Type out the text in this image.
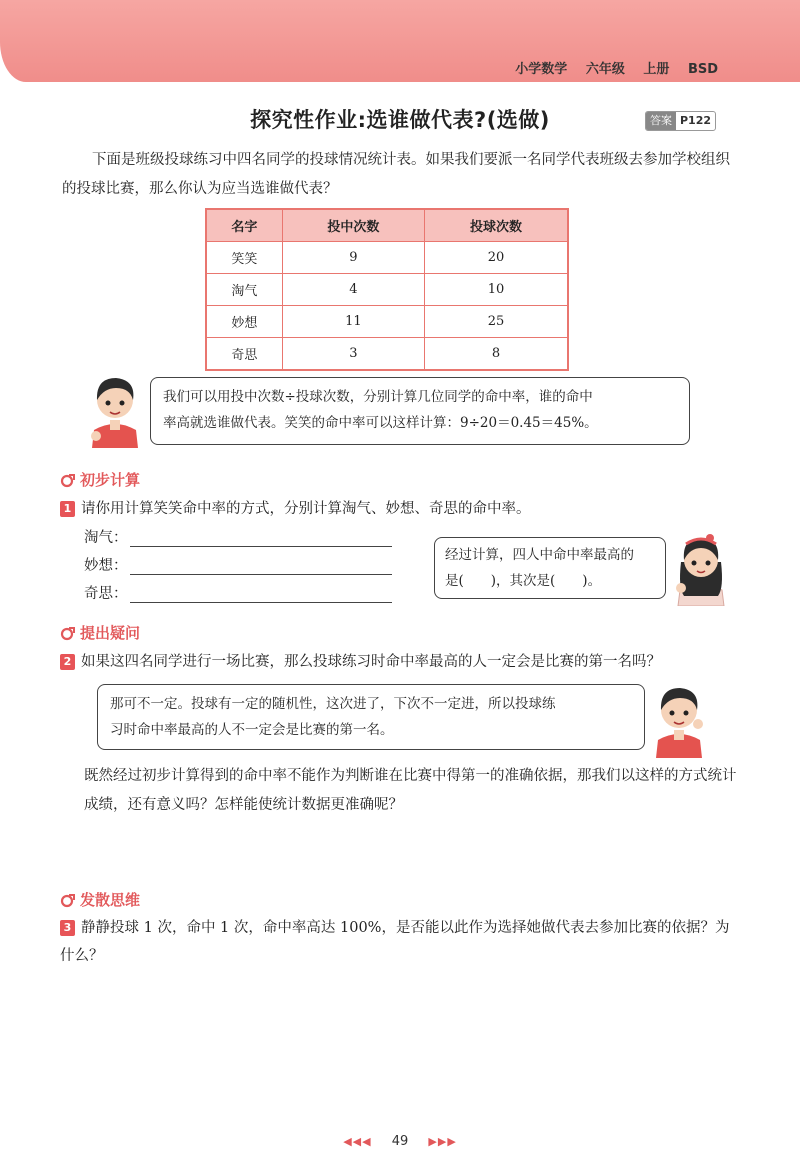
小学数学 六年级 上册 BSD
探究性作业:选谁做代表?(选做)	答案 P122
下面是班级投球练习中四名同学的投球情况统计表。如果我们要派一名同学代表班级去参加学校组织的投球比赛，那么你认为应当选谁做代表？
名字	投中次数	投球次数
笑笑	9	20
淘气	4	10
妙想	11	25
奇思	3	8
我们可以用投中次数÷投球次数，分别计算几位同学的命中率，谁的命中
率高就选谁做代表。笑笑的命中率可以这样计算：9÷20＝0.45＝45%。
初步计算
1 请你用计算笑笑命中率的方式，分别计算淘气、妙想、奇思的命中率。
淘气：
妙想：
奇思：
经过计算，四人中命中率最高的
是(　　)，其次是(　　)。
提出疑问
2 如果这四名同学进行一场比赛，那么投球练习时命中率最高的人一定会是比赛的第一名吗？
那可不一定。投球有一定的随机性，这次进了，下次不一定进，所以投球练
习时命中率最高的人不一定会是比赛的第一名。
既然经过初步计算得到的命中率不能作为判断谁在比赛中得第一的准确依据，那我们以这样的方式统计成绩，还有意义吗？怎样能使统计数据更准确呢？
发散思维
3 静静投球 1 次，命中 1 次，命中率高达 100%，是否能以此作为选择她做代表去参加比赛的依据？为什么？
◀◀◀ 49 ▶▶▶
